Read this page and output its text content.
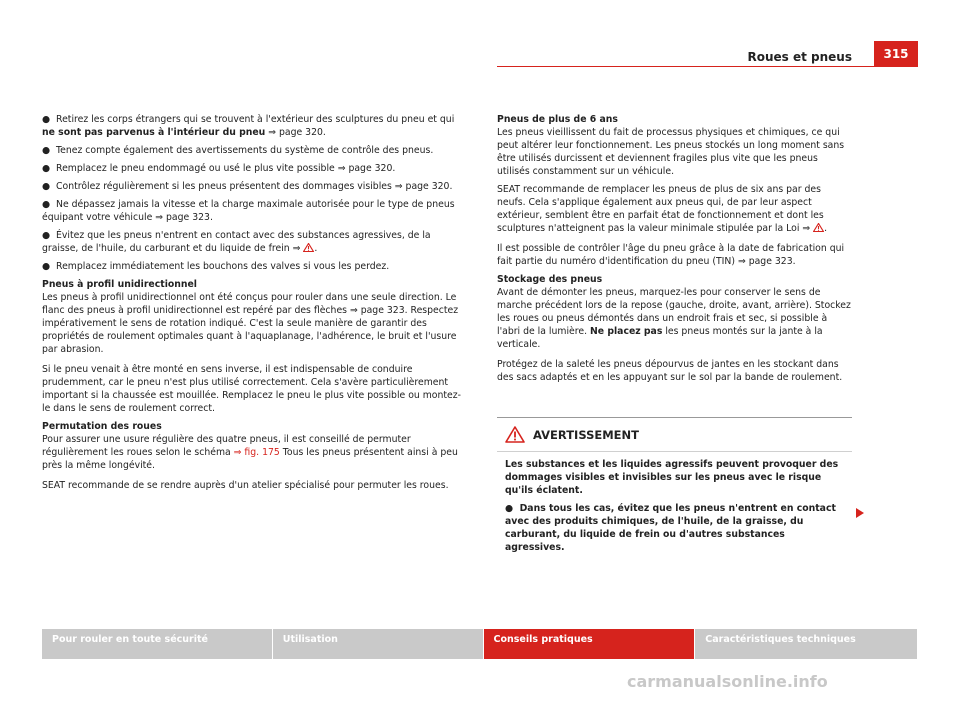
Roues et pneus	315

●  Retirez les corps étrangers qui se trouvent à l'extérieur des sculptures du pneu et qui ne sont pas parvenus à l'intérieur du pneu ⇒ page 320.

●  Tenez compte également des avertissements du système de contrôle des pneus.

●  Remplacez le pneu endommagé ou usé le plus vite possible ⇒ page 320.

●  Contrôlez régulièrement si les pneus présentent des dommages visibles ⇒ page 320.

●  Ne dépassez jamais la vitesse et la charge maximale autorisée pour le type de pneus équipant votre véhicule ⇒ page 323.

●  Évitez que les pneus n'entrent en contact avec des substances agressives, de la graisse, de l'huile, du carburant et du liquide de frein ⇒ .

●  Remplacez immédiatement les bouchons des valves si vous les perdez.

Pneus à profil unidirectionnel

Les pneus à profil unidirectionnel ont été conçus pour rouler dans une seule direction. Le flanc des pneus à profil unidirectionnel est repéré par des flèches ⇒ page 323. Respectez impérativement le sens de rotation indiqué. C'est la seule manière de garantir des propriétés de roulement optimales quant à l'aquaplanage, l'adhérence, le bruit et l'usure par abrasion.

Si le pneu venait à être monté en sens inverse, il est indispensable de conduire prudemment, car le pneu n'est plus utilisé correctement. Cela s'avère particulièrement important si la chaussée est mouillée. Remplacez le pneu le plus vite possible ou montez-le dans le sens de roulement correct.

Permutation des roues

Pour assurer une usure régulière des quatre pneus, il est conseillé de permuter régulièrement les roues selon le schéma ⇒ fig. 175 Tous les pneus présentent ainsi à peu près la même longévité.

SEAT recommande de se rendre auprès d'un atelier spécialisé pour permuter les roues.

Pneus de plus de 6 ans

Les pneus vieillissent du fait de processus physiques et chimiques, ce qui peut altérer leur fonctionnement. Les pneus stockés un long moment sans être utilisés durcissent et deviennent fragiles plus vite que les pneus utilisés constamment sur un véhicule.

SEAT recommande de remplacer les pneus de plus de six ans par des neufs. Cela s'applique également aux pneus qui, de par leur aspect extérieur, semblent être en parfait état de fonctionnement et dont les sculptures n'atteignent pas la valeur minimale stipulée par la Loi ⇒ .

Il est possible de contrôler l'âge du pneu grâce à la date de fabrication qui fait partie du numéro d'identification du pneu (TIN) ⇒ page 323.

Stockage des pneus

Avant de démonter les pneus, marquez-les pour conserver le sens de marche précédent lors de la repose (gauche, droite, avant, arrière). Stockez les roues ou pneus démontés dans un endroit frais et sec, si possible à l'abri de la lumière. Ne placez pas les pneus montés sur la jante à la verticale.

Protégez de la saleté les pneus dépourvus de jantes en les stockant dans des sacs adaptés et en les appuyant sur le sol par la bande de roulement.

AVERTISSEMENT

Les substances et les liquides agressifs peuvent provoquer des dommages visibles et invisibles sur les pneus avec le risque qu'ils éclatent.

●  Dans tous les cas, évitez que les pneus n'entrent en contact avec des produits chimiques, de l'huile, de la graisse, du carburant, du liquide de frein ou d'autres substances agressives.

Pour rouler en toute sécurité	Utilisation	Conseils pratiques	Caractéristiques techniques
carmanualsonline.info
